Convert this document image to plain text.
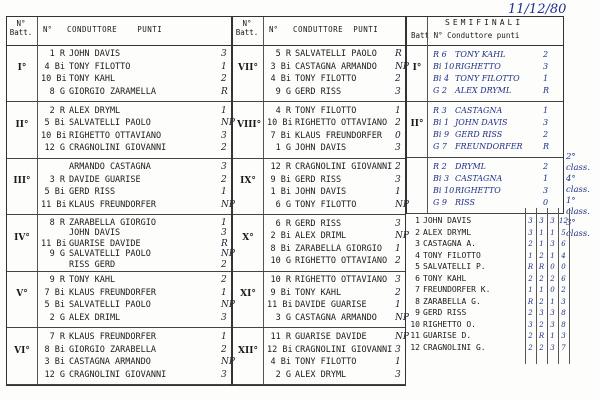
11/12/80
N° Batt. N° CONDUTTORE	PUNTI
I°
1 R JOHN DAVIS	3
4 Bi TONY FILOTTO	1
10 Bi TONY KAHL	2
8 G GIORGIO ZARAMELLA	R
II°
2 R ALEX DRYML	1
5 Bi SALVATELLI PAOLO	NP
10 Bi RIGHETTO OTTAVIANO	3
12 G CRAGNOLINI GIOVANNI	2
III°
ARMANDO CASTAGNA	3
3 R DAVIDE GUARISE	2
5 Bi GERD RISS	1
11 Bi KLAUS FREUNDORFER	NP
IV°
8 R ZARABELLA GIORGIO	1
JOHN DAVIS	3
11 Bi GUARISE DAVIDE	R
9 G SALVATELLI PAOLO	NP
RISS GERD	2
V°
9 R TONY KAHL	2
7 Bi KLAUS FREUNDORFER	1
5 Bi SALVATELLI PAOLO	NP
2 G ALEX DRIML	3
VI°
7 R KLAUS FREUNDORFER	1
8 Bi GIORGIO ZARABELLA	2
3 Bi CASTAGNA ARMANDO	NP
12 G CRAGNOLINI GIOVANNI	3
N° Batt. N° CONDUTTORE PUNTI
VII°
5 R SALVATELLI PAOLO R
3 Bi CASTAGNA ARMANDO NP
4 Bi TONY FILOTTO	2
9 G GERD RISS	3
VIII°
4 R TONY FILOTTO	1
10 Bi RIGHETTO OTTAVIANO 2
7 Bi KLAUS FREUNDORFER 0
1 G JOHN DAVIS	3
IX°
12 R CRAGNOLINI GIOVANNI 2
9 Bi GERD RISS	3
1 Bi JOHN DAVIS	1
6 G TONY FILOTTO	NP
X°
6 R GERD RISS	3
2 Bi ALEX DRIML	NP
8 Bi ZARABELLA GIORGIO 1
10 G RIGHETTO OTTAVIANO 2
XI°
10 R RIGHETTO OTTAVIANO 3
9 Bi TONY KAHL	2
11 Bi DAVIDE GUARISE	1
3 G CASTAGNA ARMANDO NP
XII°
11 R GUARISE DAVIDE	NP
12 Bi CRAGNOLINI GIOVANNI 3
4 Bi TONY FILOTTO	1
2 G ALEX DRYML	3
SEMIFINALI
Batt N° Conduttore punti
I°
R 6 TONY KAHL	2
Bi 10RIGHETTO	3
Bi 4 TONY FILOTTO	1
G 2 ALEX DRYML	R
II°
R 3 CASTAGNA	1
Bi 1 JOHN DAVIS	3
Bi 9 GERD RISS	2
G 7 FREUNDORFER	R
R 2 DRYML	2
Bi 3 CASTAGNA	1
Bi 10RIGHETTO	3
G 9 RISS	0
2° class.
4° class.
1° class.
3° class.
1 JOHN DAVIS	3 3 3 12
2 ALEX DRYML	3 1 1 5
3 CASTAGNA A.	2 1 3 6
4 TONY FILOTTO	1 2 1 4
5 SALVATELLI P.	R R 0 0
6 TONY KAHL	2 2 2 6
7 FREUNDORFER K.	1 1 0 2
8 ZARABELLA G.	R 2 1 3
9 GERD RISS	2 3 3 8
10 RIGHETTO O.	3 2 3 8
11 GUARISE D.	2 R 1 3
12 CRAGNOLINI G.	2 2 3 7
